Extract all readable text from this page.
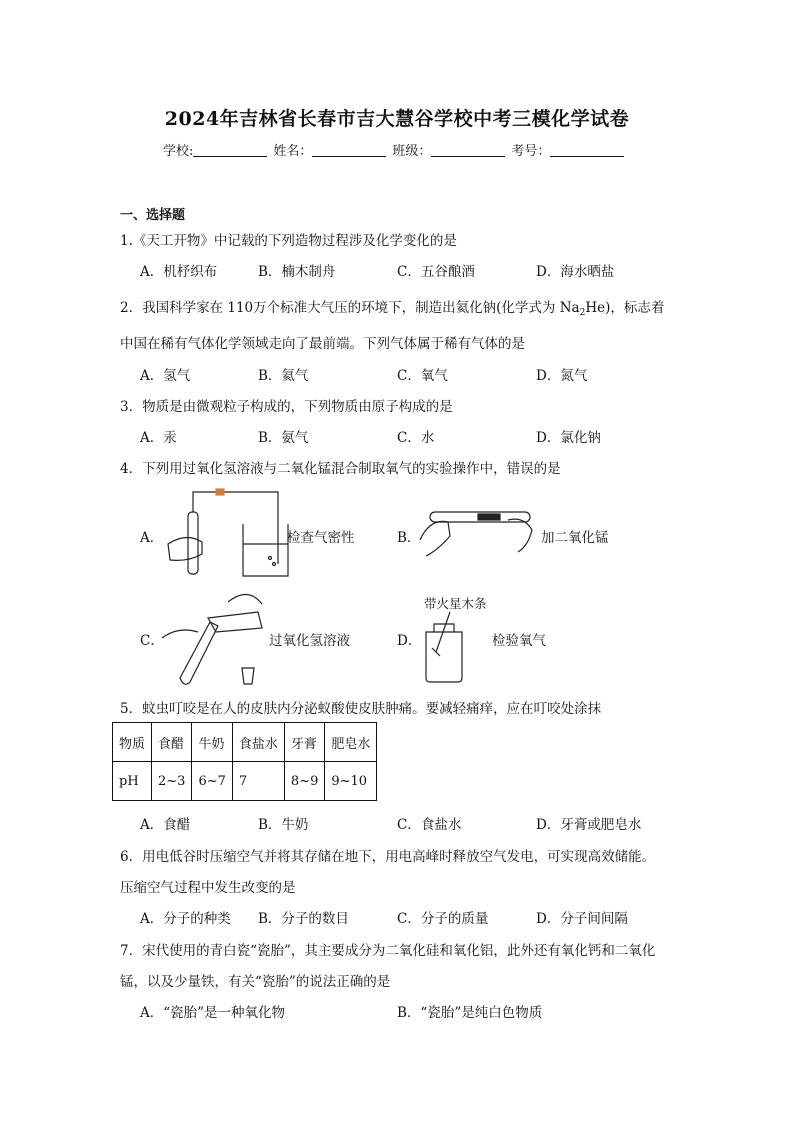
2024年吉林省长春市吉大慧谷学校中考三模化学试卷
学校:	姓名：	班级：	考号：
一、选择题
1.《天工开物》中记载的下列造物过程涉及化学变化的是
A．机杼织布	B．楠木制舟	C．五谷酿酒	D．海水晒盐
2．我国科学家在 110万个标准大气压的环境下，制造出氦化钠(化学式为 $Na_2He$)，标志着
中国在稀有气体化学领域走向了最前端。下列气体属于稀有气体的是
A．氢气	B．氦气	C．氧气	D．氮气
3．物质是由微观粒子构成的，下列物质由原子构成的是
A．汞	B．氨气	C．水	D．氯化钠
4．下列用过氧化氢溶液与二氧化锰混合制取氧气的实验操作中，错误的是
A．	检查气密性	B．	加二氧化锰
C．	过氧化氢溶液	D．
带火星木条
检验氧气
5．蚊虫叮咬是在人的皮肤内分泌蚁酸使皮肤肿痛。要减轻痛痒，应在叮咬处涂抹
物质	食醋	牛奶	食盐水	牙膏	肥皂水
pH	2~3	6~7	7	8~9	9~10
A．食醋	B．牛奶	C．食盐水	D．牙膏或肥皂水
6．用电低谷时压缩空气并将其存储在地下，用电高峰时释放空气发电，可实现高效储能。
压缩空气过程中发生改变的是
A．分子的种类 B．分子的数目	C．分子的质量	D．分子间间隔
7．宋代使用的青白瓷“瓷胎”，其主要成分为二氧化硅和氧化铝，此外还有氧化钙和二氧化
锰，以及少量铁，有关“瓷胎”的说法正确的是
A．“瓷胎”是一种氧化物	B．“瓷胎”是纯白色物质
